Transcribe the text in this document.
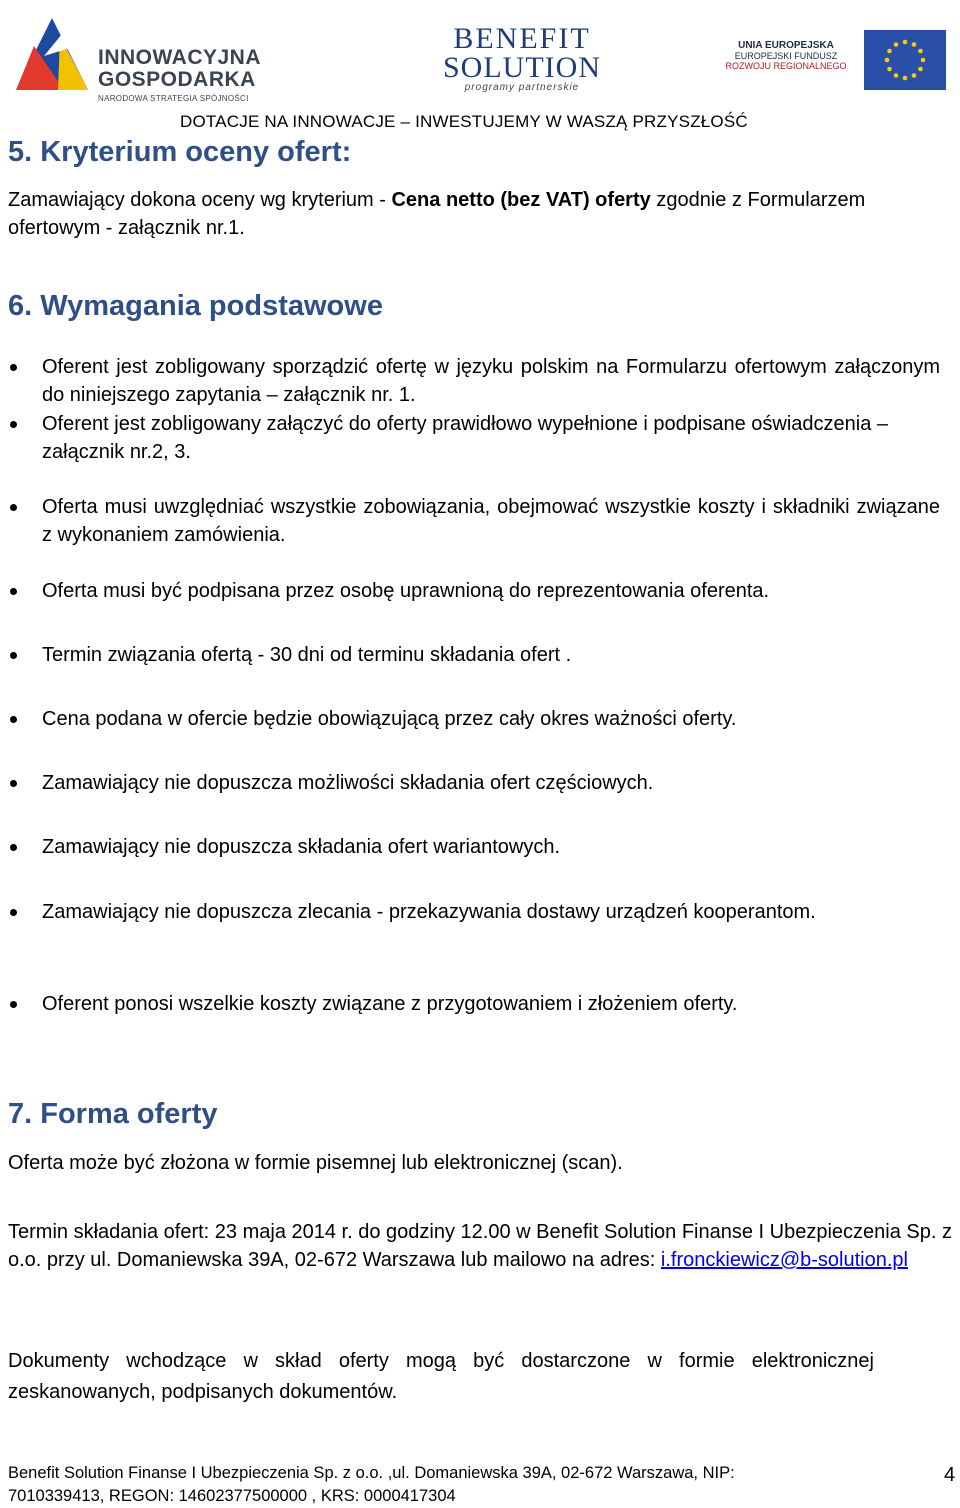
INNOWACYJNA
GOSPODARKA
NARODOWA STRATEGIA SPÓJNOŚCI
BENEFIT
SOLUTION
programy partnerskie
UNIA EUROPEJSKA
EUROPEJSKI FUNDUSZ
ROZWOJU REGIONALNEGO
DOTACJE NA INNOWACJE – INWESTUJEMY W WASZĄ PRZYSZŁOŚĆ
5. Kryterium oceny ofert:
Zamawiający dokona oceny wg kryterium - Cena netto (bez VAT) oferty zgodnie z Formularzem ofertowym - załącznik nr.1.
6. Wymagania podstawowe
Oferent jest zobligowany sporządzić ofertę w języku polskim na Formularzu ofertowym załączonym do niniejszego zapytania – załącznik nr. 1.
Oferent jest zobligowany załączyć do oferty prawidłowo wypełnione i podpisane oświadczenia – załącznik nr.2, 3.
Oferta musi uwzględniać wszystkie zobowiązania, obejmować wszystkie koszty i składniki związane z wykonaniem zamówienia.
Oferta musi być podpisana przez osobę uprawnioną do reprezentowania oferenta.
Termin związania ofertą - 30 dni od terminu składania ofert .
Cena podana w ofercie będzie obowiązującą przez cały okres ważności oferty.
Zamawiający nie dopuszcza możliwości składania ofert częściowych.
Zamawiający nie dopuszcza składania ofert wariantowych.
Zamawiający nie dopuszcza zlecania - przekazywania dostawy urządzeń kooperantom.
Oferent ponosi wszelkie koszty związane z przygotowaniem i złożeniem oferty.
7. Forma oferty
Oferta może być złożona w formie pisemnej lub elektronicznej (scan).
Termin składania ofert: 23 maja 2014 r. do godziny 12.00 w Benefit Solution Finanse I Ubezpieczenia Sp. z o.o. przy ul. Domaniewska 39A, 02-672 Warszawa lub mailowo na adres: i.fronckiewicz@b-solution.pl
Dokumenty wchodzące w skład oferty mogą być dostarczone w formie elektronicznej zeskanowanych, podpisanych dokumentów.
Benefit Solution Finanse I Ubezpieczenia Sp. z o.o. ,ul. Domaniewska 39A, 02-672 Warszawa, NIP:
7010339413, REGON: 14602377500000 , KRS: 0000417304
4
